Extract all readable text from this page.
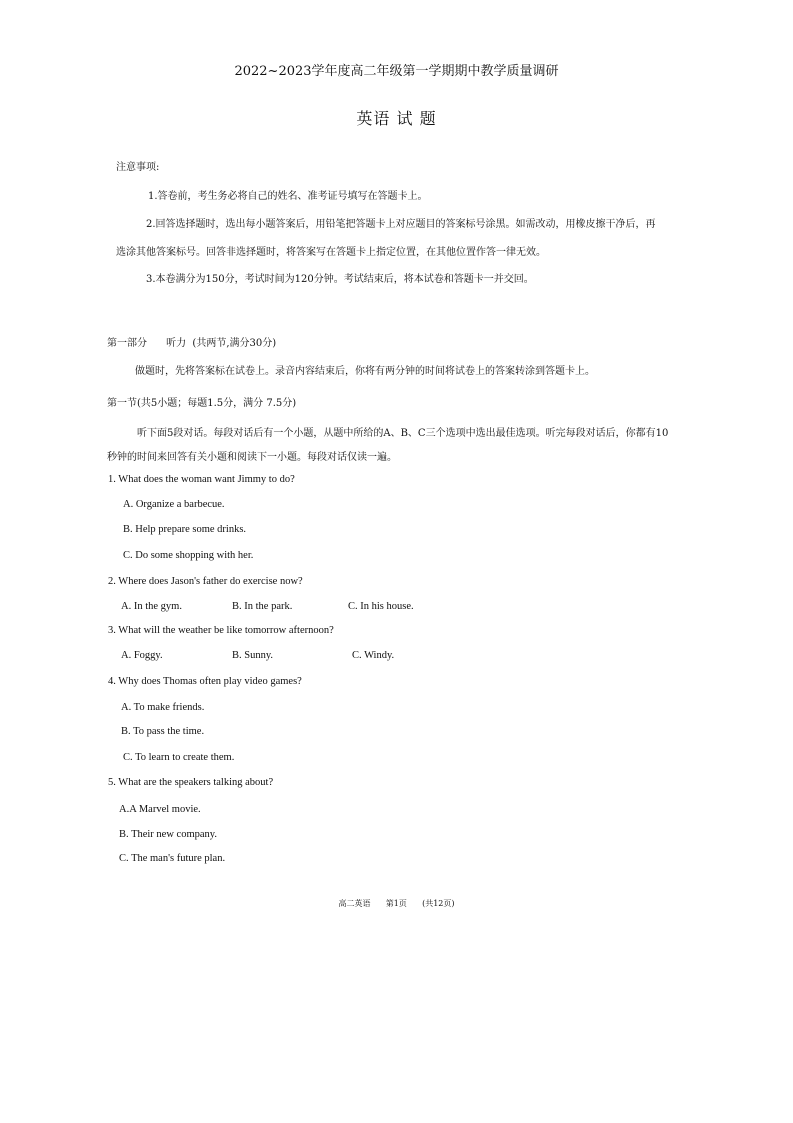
2022~2023学年度高二年级第一学期期中教学质量调研
英语 试 题
注意事项:
1.答卷前，考生务必将自己的姓名、准考证号填写在答题卡上。
2.回答选择题时，选出每小题答案后，用铅笔把答题卡上对应题目的答案标号涂黑。如需改动，用橡皮擦干净后，再
选涂其他答案标号。回答非选择题时，将答案写在答题卡上指定位置，在其他位置作答一律无效。
3.本卷满分为150分，考试时间为120分钟。考试结束后，将本试卷和答题卡一并交回。
第一部分      听力  (共两节,满分30分)
做题时，先将答案标在试卷上。录音内容结束后，你将有两分钟的时间将试卷上的答案转涂到答题卡上。
第一节(共5小题；每题1.5分，满分 7.5分)
听下面5段对话。每段对话后有一个小题，从题中所给的A、B、C三个选项中选出最佳选项。听完每段对话后，你都有10
秒钟的时间来回答有关小题和阅读下一小题。每段对话仅读一遍。
1. What does the woman want Jimmy to do?
A. Organize a barbecue.
B. Help prepare some drinks.
C. Do some shopping with her.
2. Where does Jason's father do exercise now?
A. In the gym.	B. In the park.	C. In his house.
3. What will the weather be like tomorrow afternoon?
A. Foggy.	B. Sunny.	C. Windy.
4. Why does Thomas often play video games?
A. To make friends.
B. To pass the time.
C. To learn to create them.
5. What are the speakers talking about?
A.A Marvel movie.
B. Their new company.
C. The man's future plan.
高二英语      第1页      (共12页)
